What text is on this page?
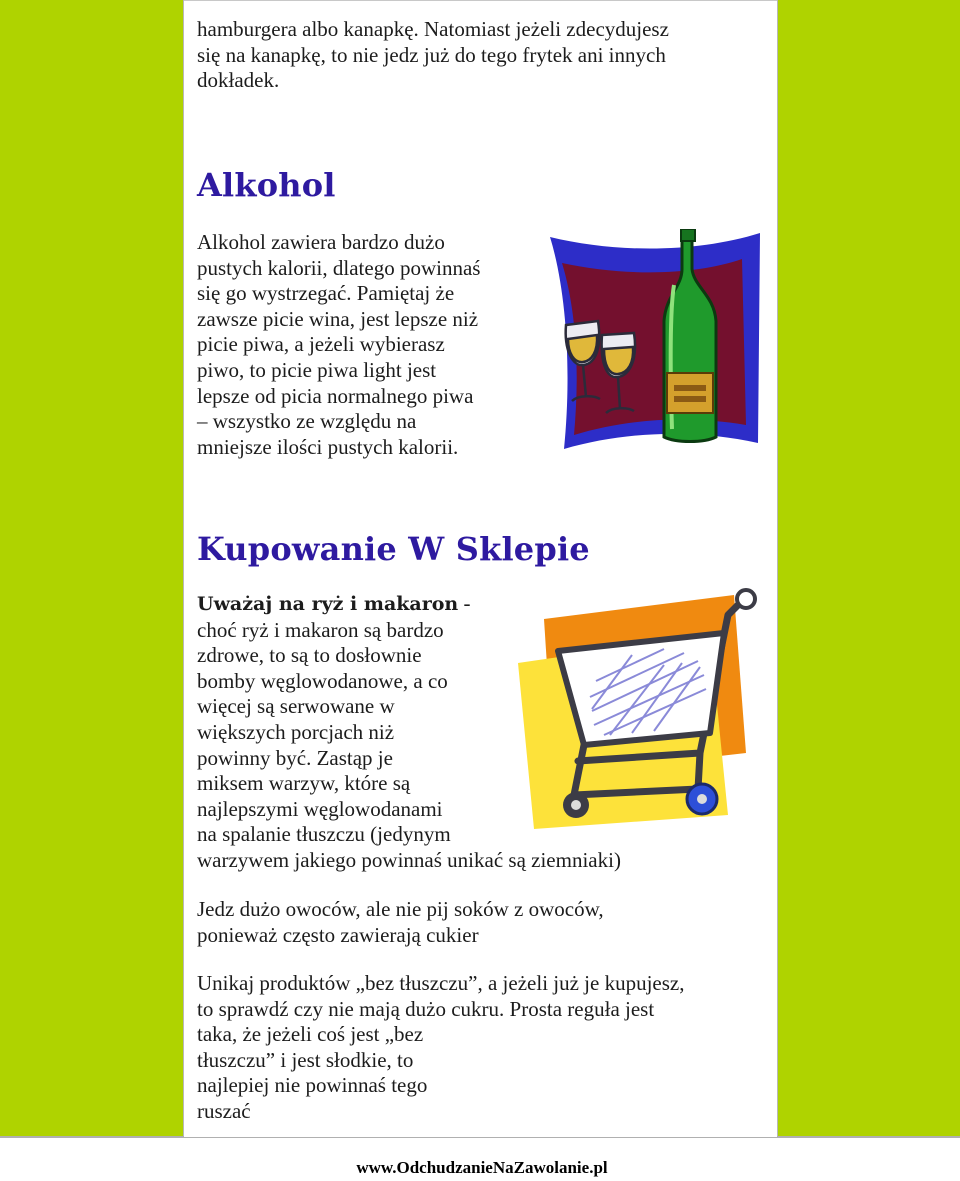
hamburgera albo kanapkę. Natomiast jeżeli zdecydujesz
się na kanapkę, to nie jedz już do tego frytek ani innych
dokładek.

Alkohol

Alkohol zawiera bardzo dużo
pustych kalorii, dlatego powinnaś
się go wystrzegać. Pamiętaj że
zawsze picie wina, jest lepsze niż
picie piwa, a jeżeli wybierasz
piwo, to picie piwa light jest
lepsze od picia normalnego piwa
– wszystko ze względu na
mniejsze ilości pustych kalorii.

Kupowanie W Sklepie

Uważaj na ryż i makaron -
choć ryż i makaron są bardzo
zdrowe, to są to dosłownie
bomby węglowodanowe, a co
więcej są serwowane w
większych porcjach niż
powinny być. Zastąp je
miksem warzyw, które są
najlepszymi węglowodanami
na spalanie tłuszczu (jedynym
warzywem jakiego powinnaś unikać są ziemniaki)

Jedz dużo owoców, ale nie pij soków z owoców,
ponieważ często zawierają cukier

Unikaj produktów „bez tłuszczu”, a jeżeli już je kupujesz,
to sprawdź czy nie mają dużo cukru. Prosta reguła jest
taka, że jeżeli coś jest „bez
tłuszczu” i jest słodkie, to
najlepiej nie powinnaś tego
ruszać

www.OdchudzanieNaZawolanie.pl
